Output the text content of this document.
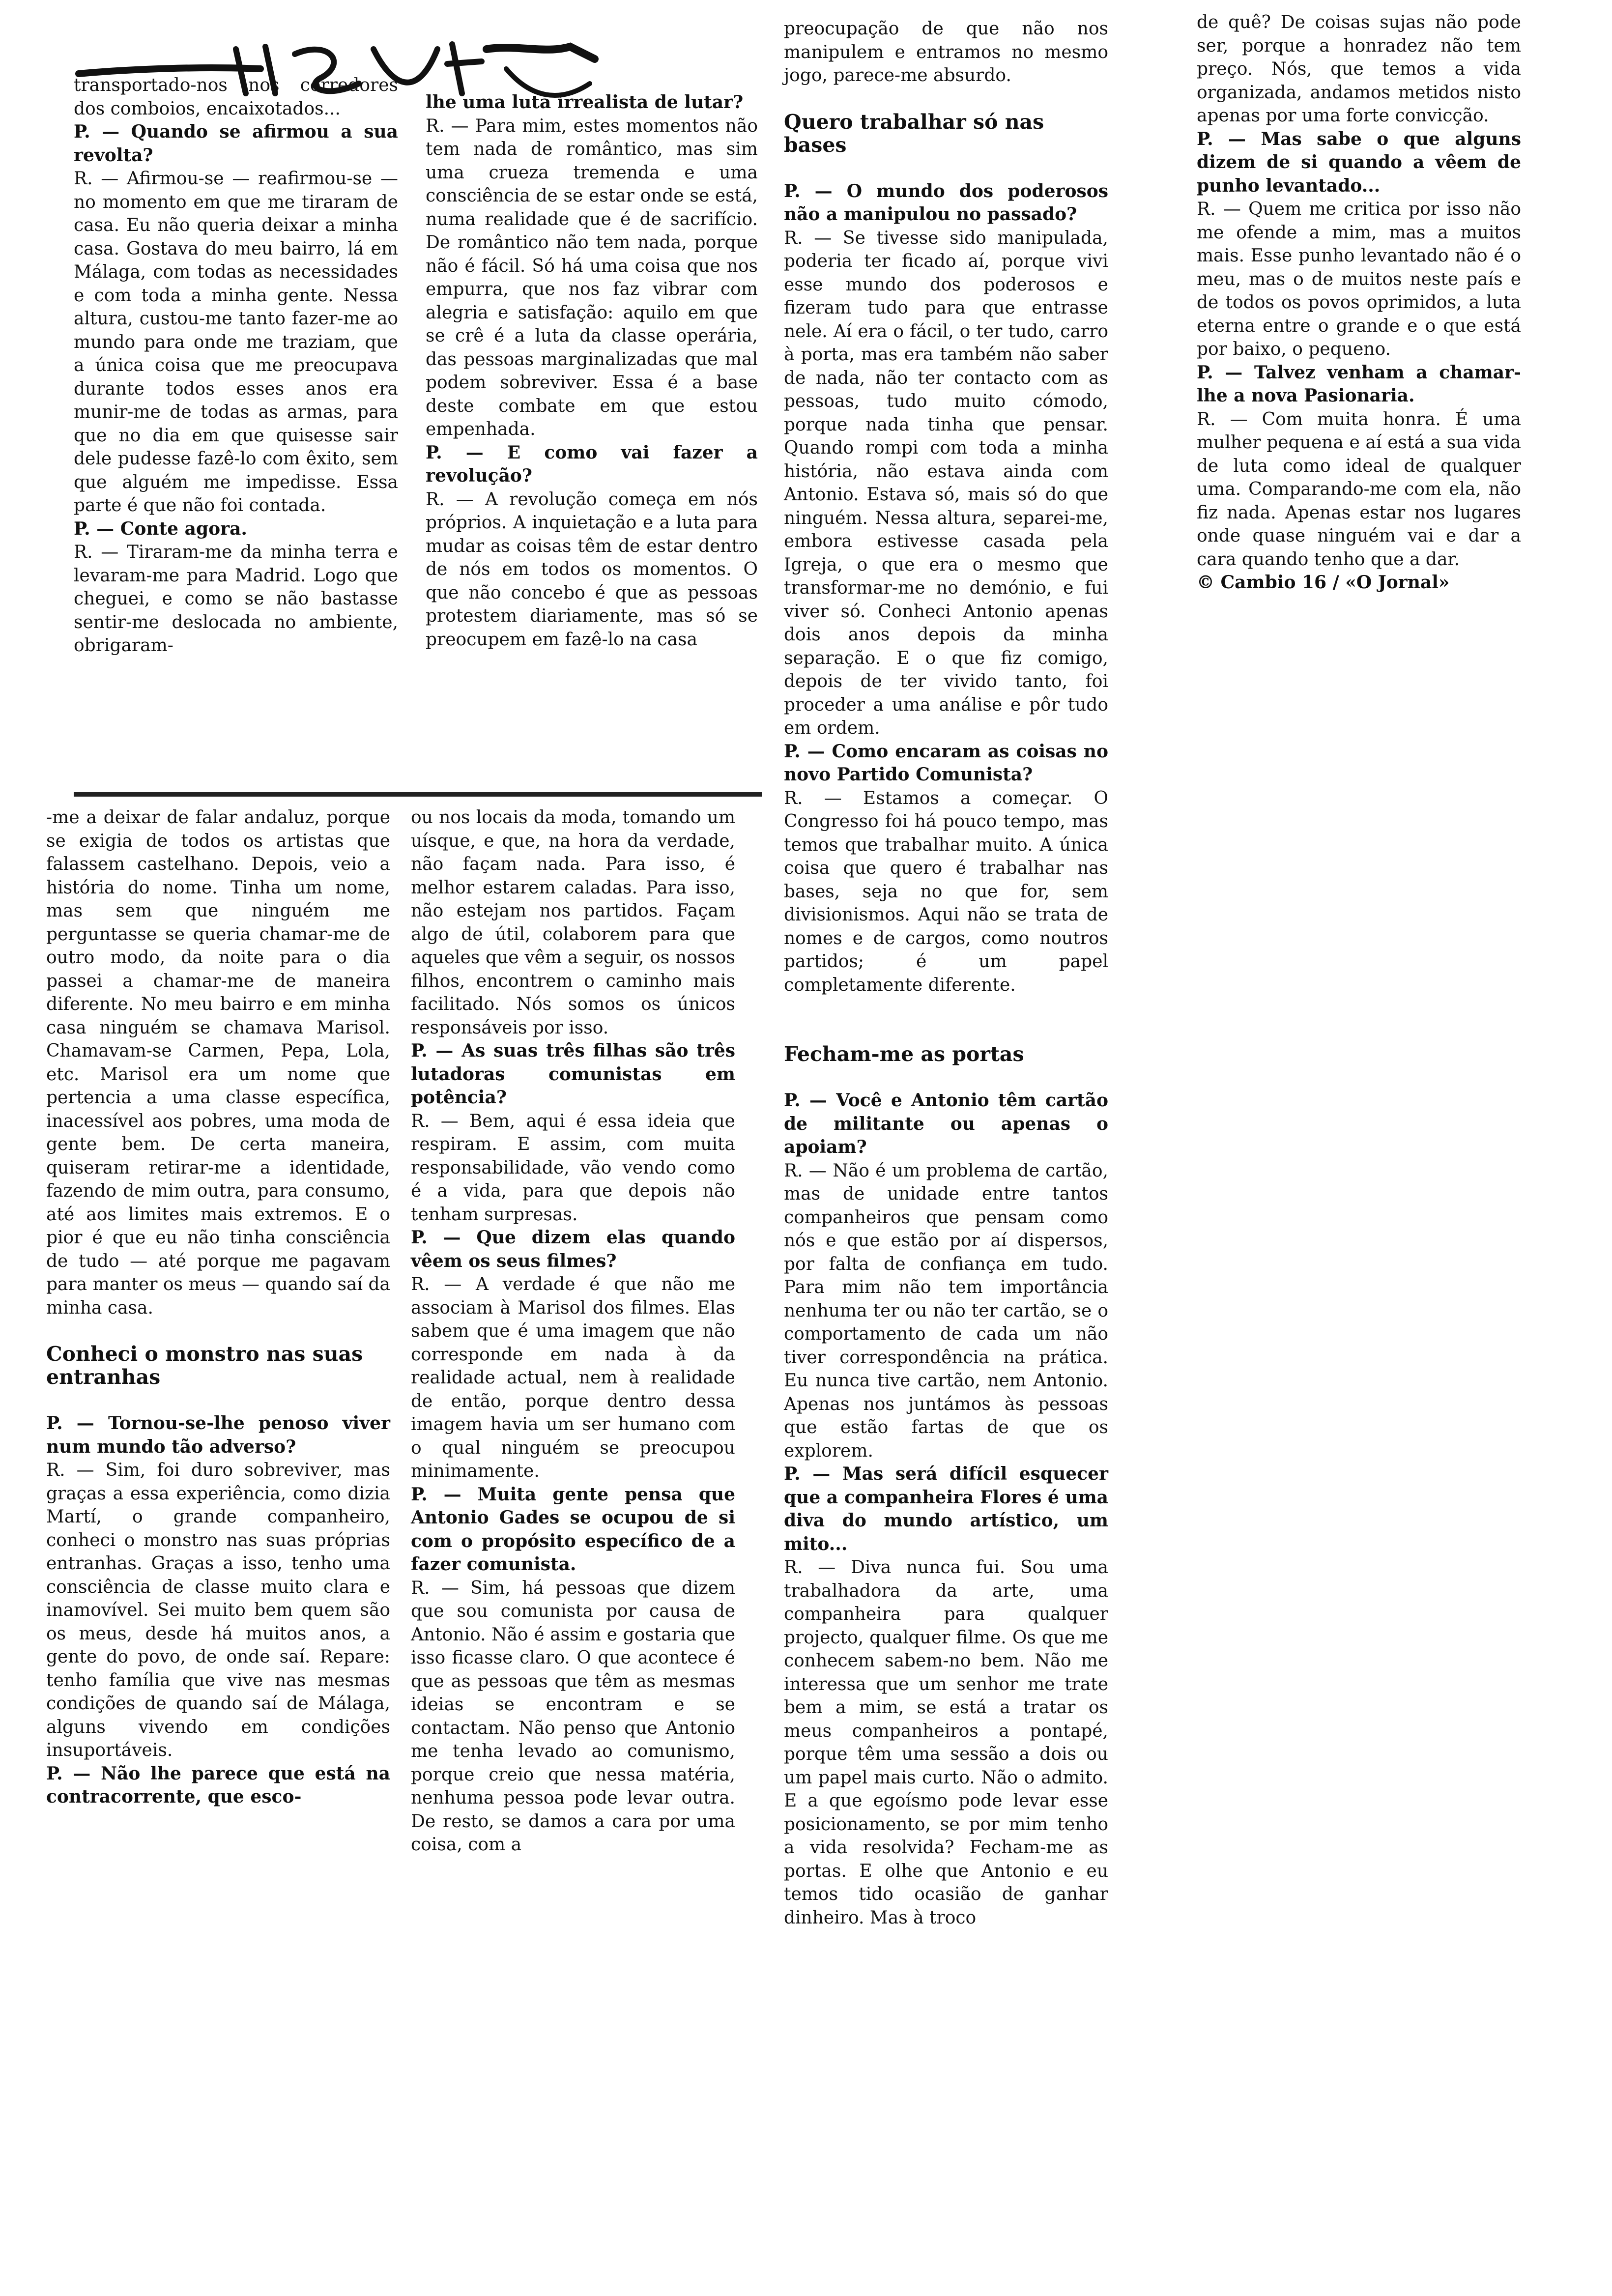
transportado-nos nos corredores dos comboios, encaixotados...

P. — Quando se afirmou a sua revolta?

R. — Afirmou-se — reafirmou-se — no momento em que me tiraram de casa. Eu não queria deixar a minha casa. Gostava do meu bairro, lá em Málaga, com todas as necessidades e com toda a minha gente. Nessa altura, custou-me tanto fazer-me ao mundo para onde me traziam, que a única coisa que me preocupava durante todos esses anos era munir-me de todas as armas, para que no dia em que quisesse sair dele pudesse fazê-lo com êxito, sem que alguém me impedisse. Essa parte é que não foi contada.

P. — Conte agora.

R. — Tiraram-me da minha terra e levaram-me para Madrid. Logo que cheguei, e como se não bastasse sentir-me deslocada no ambiente, obrigaram-

lhe uma luta irrealista de lutar?

R. — Para mim, estes momentos não tem nada de romântico, mas sim uma crueza tremenda e uma consciência de se estar onde se está, numa realidade que é de sacrifício. De romântico não tem nada, porque não é fácil. Só há uma coisa que nos empurra, que nos faz vibrar com alegria e satisfação: aquilo em que se crê é a luta da classe operária, das pessoas marginalizadas que mal podem sobreviver. Essa é a base deste combate em que estou empenhada.

P. — E como vai fazer a revolução?

R. — A revolução começa em nós próprios. A inquietação e a luta para mudar as coisas têm de estar dentro de nós em todos os momentos. O que não concebo é que as pessoas protestem diariamente, mas só se preocupem em fazê-lo na casa

-me a deixar de falar andaluz, porque se exigia de todos os artistas que falassem castelhano. Depois, veio a história do nome. Tinha um nome, mas sem que ninguém me perguntasse se queria chamar-me de outro modo, da noite para o dia passei a chamar-me de maneira diferente. No meu bairro e em minha casa ninguém se chamava Marisol. Chamavam-se Carmen, Pepa, Lola, etc. Marisol era um nome que pertencia a uma classe específica, inacessível aos pobres, uma moda de gente bem. De certa maneira, quiseram retirar-me a identidade, fazendo de mim outra, para consumo, até aos limites mais extremos. E o pior é que eu não tinha consciência de tudo — até porque me pagavam para manter os meus — quando saí da minha casa.

Conheci o monstro nas suas entranhas

P. — Tornou-se-lhe penoso viver num mundo tão adverso?

R. — Sim, foi duro sobreviver, mas graças a essa experiência, como dizia Martí, o grande companheiro, conheci o monstro nas suas próprias entranhas. Graças a isso, tenho uma consciência de classe muito clara e inamovível. Sei muito bem quem são os meus, desde há muitos anos, a gente do povo, de onde saí. Repare: tenho família que vive nas mesmas condições de quando saí de Málaga, alguns vivendo em condições insuportáveis.

P. — Não lhe parece que está na contracorrente, que esco-

ou nos locais da moda, tomando um uísque, e que, na hora da verdade, não façam nada. Para isso, é melhor estarem caladas. Para isso, não estejam nos partidos. Façam algo de útil, colaborem para que aqueles que vêm a seguir, os nossos filhos, encontrem o caminho mais facilitado. Nós somos os únicos responsáveis por isso.

P. — As suas três filhas são três lutadoras comunistas em potência?

R. — Bem, aqui é essa ideia que respiram. E assim, com muita responsabilidade, vão vendo como é a vida, para que depois não tenham surpresas.

P. — Que dizem elas quando vêem os seus filmes?

R. — A verdade é que não me associam à Marisol dos filmes. Elas sabem que é uma imagem que não corresponde em nada à da realidade actual, nem à realidade de então, porque dentro dessa imagem havia um ser humano com o qual ninguém se preocupou minimamente.

P. — Muita gente pensa que Antonio Gades se ocupou de si com o propósito específico de a fazer comunista.

R. — Sim, há pessoas que dizem que sou comunista por causa de Antonio. Não é assim e gostaria que isso ficasse claro. O que acontece é que as pessoas que têm as mesmas ideias se encontram e se contactam. Não penso que Antonio me tenha levado ao comunismo, porque creio que nessa matéria, nenhuma pessoa pode levar outra. De resto, se damos a cara por uma coisa, com a

preocupação de que não nos manipulem e entramos no mesmo jogo, parece-me absurdo.

Quero trabalhar só nas bases

P. — O mundo dos poderosos não a manipulou no passado?

R. — Se tivesse sido manipulada, poderia ter ficado aí, porque vivi esse mundo dos poderosos e fizeram tudo para que entrasse nele. Aí era o fácil, o ter tudo, carro à porta, mas era também não saber de nada, não ter contacto com as pessoas, tudo muito cómodo, porque nada tinha que pensar. Quando rompi com toda a minha história, não estava ainda com Antonio. Estava só, mais só do que ninguém. Nessa altura, separei-me, embora estivesse casada pela Igreja, o que era o mesmo que transformar-me no demónio, e fui viver só. Conheci Antonio apenas dois anos depois da minha separação. E o que fiz comigo, depois de ter vivido tanto, foi proceder a uma análise e pôr tudo em ordem.

P. — Como encaram as coisas no novo Partido Comunista?

R. — Estamos a começar. O Congresso foi há pouco tempo, mas temos que trabalhar muito. A única coisa que quero é trabalhar nas bases, seja no que for, sem divisionismos. Aqui não se trata de nomes e de cargos, como noutros partidos; é um papel completamente diferente.

Fecham-me as portas

P. — Você e Antonio têm cartão de militante ou apenas o apoiam?

R. — Não é um problema de cartão, mas de unidade entre tantos companheiros que pensam como nós e que estão por aí dispersos, por falta de confiança em tudo. Para mim não tem importância nenhuma ter ou não ter cartão, se o comportamento de cada um não tiver correspondência na prática. Eu nunca tive cartão, nem Antonio. Apenas nos juntámos às pessoas que estão fartas de que os explorem.

P. — Mas será difícil esquecer que a companheira Flores é uma diva do mundo artístico, um mito...

R. — Diva nunca fui. Sou uma trabalhadora da arte, uma companheira para qualquer projecto, qualquer filme. Os que me conhecem sabem-no bem. Não me interessa que um senhor me trate bem a mim, se está a tratar os meus companheiros a pontapé, porque têm uma sessão a dois ou um papel mais curto. Não o admito. E a que egoísmo pode levar esse posicionamento, se por mim tenho a vida resolvida? Fecham-me as portas. E olhe que Antonio e eu temos tido ocasião de ganhar dinheiro. Mas à troco

de quê? De coisas sujas não pode ser, porque a honradez não tem preço. Nós, que temos a vida organizada, andamos metidos nisto apenas por uma forte convicção.

P. — Mas sabe o que alguns dizem de si quando a vêem de punho levantado...

R. — Quem me critica por isso não me ofende a mim, mas a muitos mais. Esse punho levantado não é o meu, mas o de muitos neste país e de todos os povos oprimidos, a luta eterna entre o grande e o que está por baixo, o pequeno.

P. — Talvez venham a chamar-lhe a nova Pasionaria.

R. — Com muita honra. É uma mulher pequena e aí está a sua vida de luta como ideal de qualquer uma. Comparando-me com ela, não fiz nada. Apenas estar nos lugares onde quase ninguém vai e dar a cara quando tenho que a dar.

© Cambio 16 / «O Jornal»
